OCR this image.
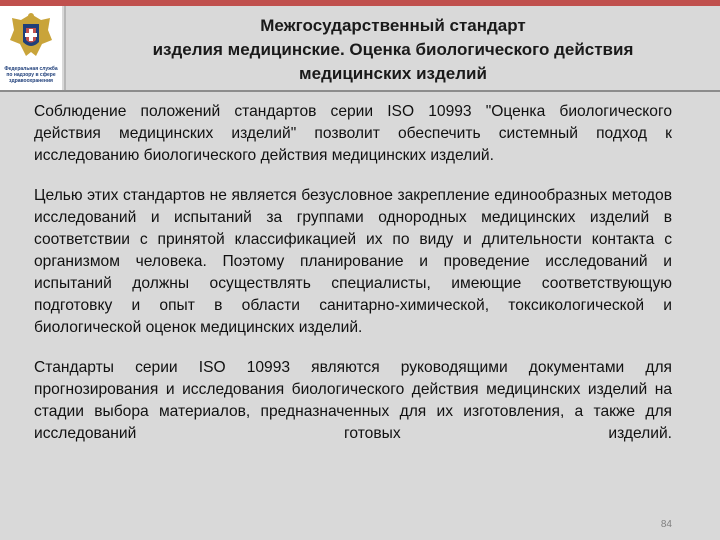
Федеральная служба по надзору в сфере здравоохранения
Межгосударственный стандарт
изделия медицинские. Оценка биологического действия
медицинских изделий

Соблюдение положений стандартов серии ISO 10993 "Оценка биологического действия медицинских изделий" позволит обеспечить системный подход к исследованию биологического действия медицинских изделий.

Целью этих стандартов не является безусловное закрепление единообразных методов исследований и испытаний за группами однородных медицинских изделий в соответствии с принятой классификацией их по виду и длительности контакта с организмом человека. Поэтому планирование и проведение исследований и испытаний должны осуществлять специалисты, имеющие соответствующую подготовку и опыт в области санитарно-химической, токсикологической и биологической оценок медицинских изделий.

Стандарты серии ISO 10993 являются руководящими документами для прогнозирования и исследования биологического действия медицинских изделий на стадии выбора материалов, предназначенных для их изготовления, а также для исследований готовых изделий.

84
